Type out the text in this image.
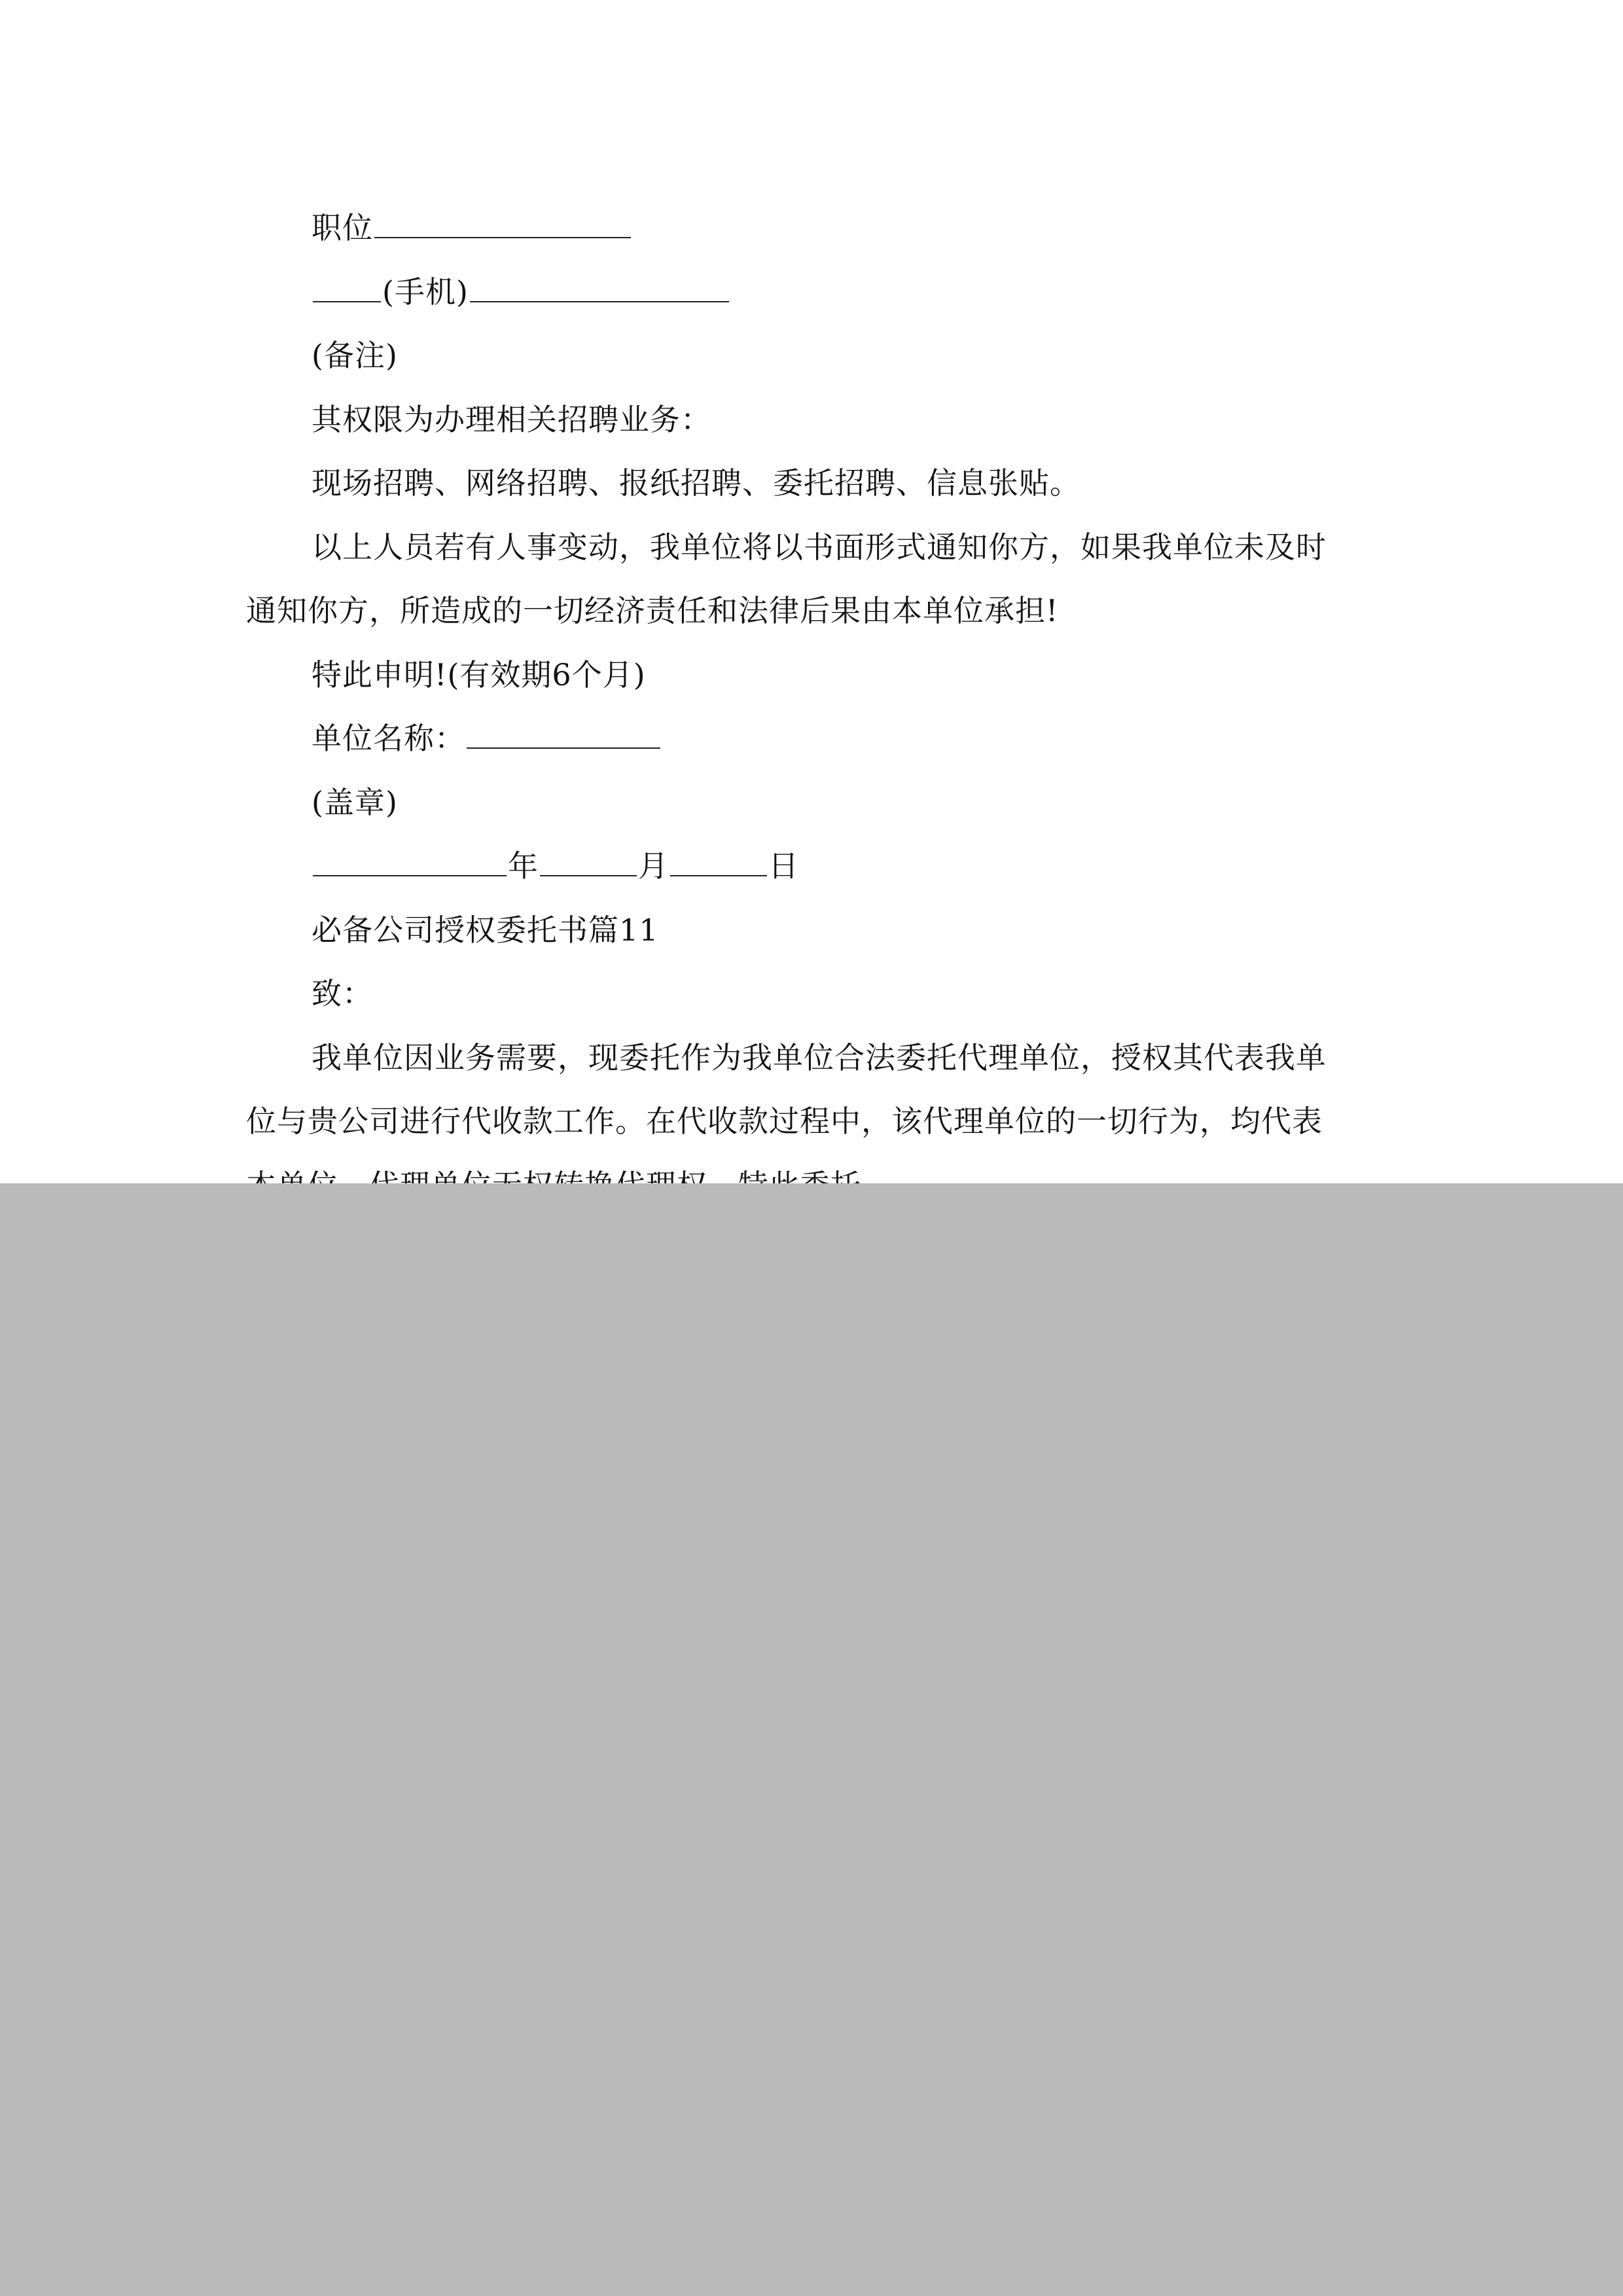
职位
(手机)
(备注)
其权限为办理相关招聘业务：
现场招聘、网络招聘、报纸招聘、委托招聘、信息张贴。
以上人员若有人事变动，我单位将以书面形式通知你方，如果我单位未及时
通知你方，所造成的一切经济责任和法律后果由本单位承担!
特此申明!(有效期6个月)
单位名称：
(盖章)
年	月	日
必备公司授权委托书篇11
致：
我单位因业务需要，现委托作为我单位合法委托代理单位，授权其代表我单
位与贵公司进行代收款工作。在代收款过程中，该代理单位的一切行为，均代表
